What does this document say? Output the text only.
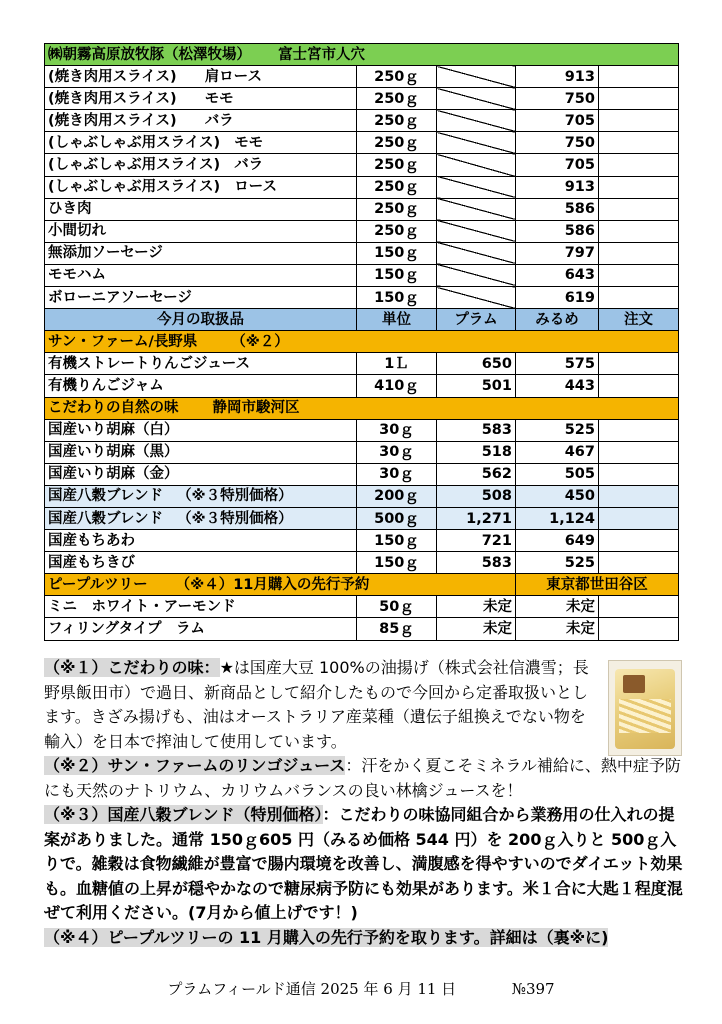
㈱朝霧高原放牧豚（松澤牧場） 富士宮市人穴				
(焼き肉用スライス) 肩ロース	250ｇ		913	
(焼き肉用スライス) モモ	250ｇ		750	
(焼き肉用スライス) バラ	250ｇ		705	
(しゃぶしゃぶ用スライス) モモ	250ｇ		750	
(しゃぶしゃぶ用スライス) バラ	250ｇ		705	
(しゃぶしゃぶ用スライス) ロース	250ｇ		913	
ひき肉	250ｇ		586	
小間切れ	250ｇ		586	
無添加ソーセージ	150ｇ		797	
モモハム	150ｇ		643	
ボローニアソーセージ	150ｇ		619	
今月の取扱品	単位	プラム	みるめ	注文
サン・ファーム/長野県 （※２）				
有機ストレートりんごジュース	1Ｌ	650	575	
有機りんごジャム	410ｇ	501	443	
こだわりの自然の味 静岡市駿河区				
国産いり胡麻（白）	30ｇ	583	525	
国産いり胡麻（黒）	30ｇ	518	467	
国産いり胡麻（金）	30ｇ	562	505	
国産八穀ブレンド （※３特別価格）	200ｇ	508	450	
国産八穀ブレンド （※３特別価格）	500ｇ	1,271	1,124	
国産もちあわ	150ｇ	721	649	
国産もちきび	150ｇ	583	525	
ピープルツリー （※４）11月購入の先行予約			東京都世田谷区	
ミニ　ホワイト・アーモンド	50ｇ	未定	未定	
フィリングタイプ　ラム	85ｇ	未定	未定	

（※１）こだわりの味：★は国産大豆 100%の油揚げ（株式会社信濃雪；長野県飯田市）で過日、新商品として紹介したもので今回から定番取扱いとします。きざみ揚げも、油はオーストラリア産菜種（遺伝子組換えでない物を輸入）を日本で搾油して使用しています。

（※２）サン・ファームのリンゴジュース：汗をかく夏こそミネラル補給に、熱中症予防にも天然のナトリウム、カリウムバランスの良い林檎ジュースを！

（※３）国産八穀ブレンド（特別価格）：こだわりの味協同組合から業務用の仕入れの提案がありました。通常 150ｇ605 円（みるめ価格 544 円）を 200ｇ入りと 500ｇ入りで。雑穀は食物繊維が豊富で腸内環境を改善し、満腹感を得やすいのでダイエット効果も。血糖値の上昇が穏やかなので糖尿病予防にも効果があります。米１合に大匙１程度混ぜて利用ください。(7月から値上げです！)

（※４）ピープルツリーの 11 月購入の先行予約を取ります。詳細は（裏※に)

プラムフィールド通信 2025 年 6 月 11 日	№397
